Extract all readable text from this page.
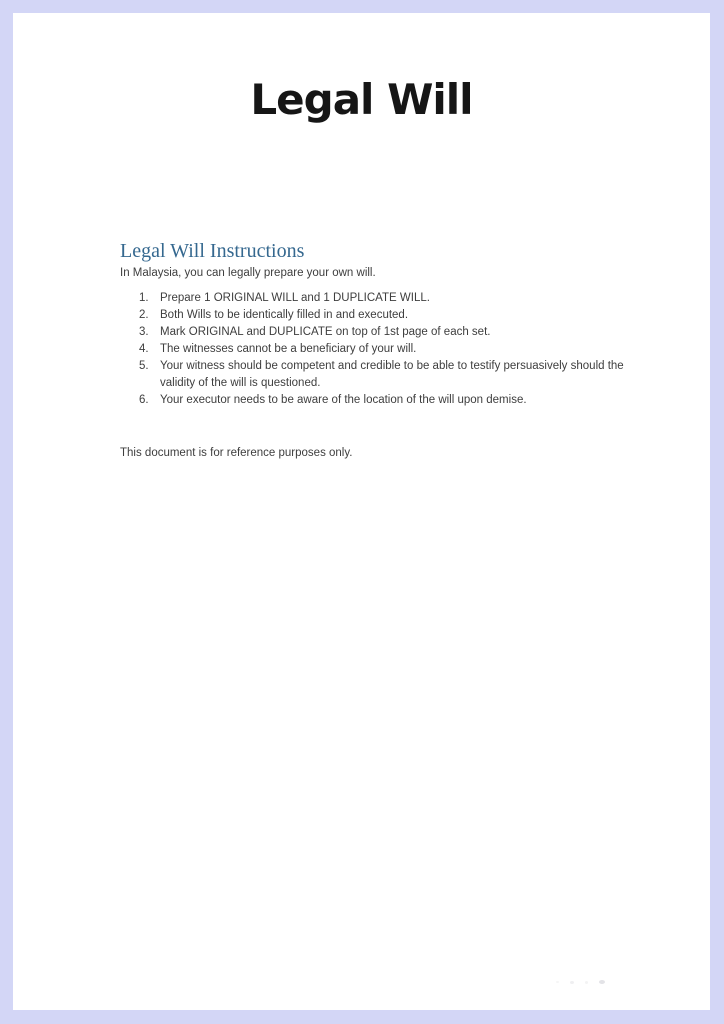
Legal Will
Legal Will Instructions

In Malaysia, you can legally prepare your own will.

Prepare 1 ORIGINAL WILL and 1 DUPLICATE WILL.
Both Wills to be identically filled in and executed.
Mark ORIGINAL and DUPLICATE on top of 1st page of each set.
The witnesses cannot be a beneficiary of your will.
Your witness should be competent and credible to be able to testify persuasively should the validity of the will is questioned.
Your executor needs to be aware of the location of the will upon demise.

This document is for reference purposes only.
